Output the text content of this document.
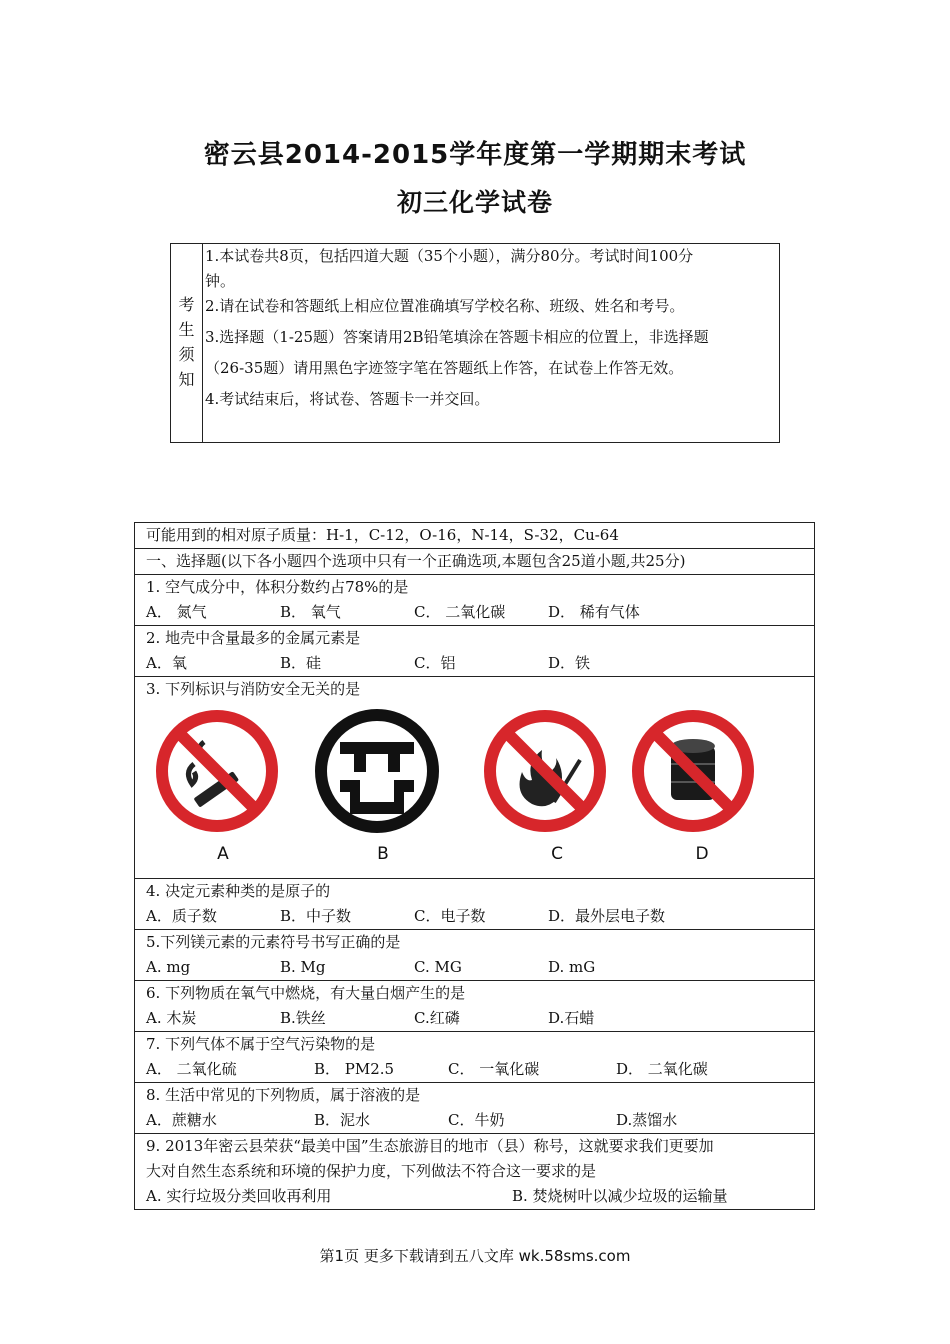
密云县2014-2015学年度第一学期期末考试
初三化学试卷
考
生
须
知
1.本试卷共8页，包括四道大题（35个小题），满分80分。考试时间100分
钟。
2.请在试卷和答题纸上相应位置准确填写学校名称、班级、姓名和考号。
3.选择题（1-25题）答案请用2B铅笔填涂在答题卡相应的位置上，非选择题
（26-35题）请用黑色字迹签字笔在答题纸上作答，在试卷上作答无效。
4.考试结束后，将试卷、答题卡一并交回。
可能用到的相对原子质量：H-1，C-12，O-16，N-14，S-32，Cu-64
一、选择题(以下各小题四个选项中只有一个正确选项,本题包含25道小题,共25分)
1. 空气成分中，体积分数约占78%的是
A． 氮气	B． 氧气	C． 二氧化碳	D． 稀有气体
2. 地壳中含量最多的金属元素是
A．氧	B．硅	C．铝	D．铁
3. 下列标识与消防安全无关的是
A	B	C	D
4. 决定元素种类的是原子的
A．质子数	B．中子数	C．电子数	D．最外层电子数
5.下列镁元素的元素符号书写正确的是
A. mg	B. Mg	C. MG	D. mG
6. 下列物质在氧气中燃烧，有大量白烟产生的是
A. 木炭	B.铁丝	C.红磷	D.石蜡
7. 下列气体不属于空气污染物的是
A． 二氧化硫	B． PM2.5	C． 一氧化碳	D． 二氧化碳
8. 生活中常见的下列物质，属于溶液的是
A．蔗糖水	B．泥水	C．牛奶	D.蒸馏水
9. 2013年密云县荣获“最美中国”生态旅游目的地市（县）称号，这就要求我们更要加
大对自然生态系统和环境的保护力度，下列做法不符合这一要求的是
A. 实行垃圾分类回收再利用	B. 焚烧树叶以减少垃圾的运输量
第1页 更多下载请到五八文库 wk.58sms.com
